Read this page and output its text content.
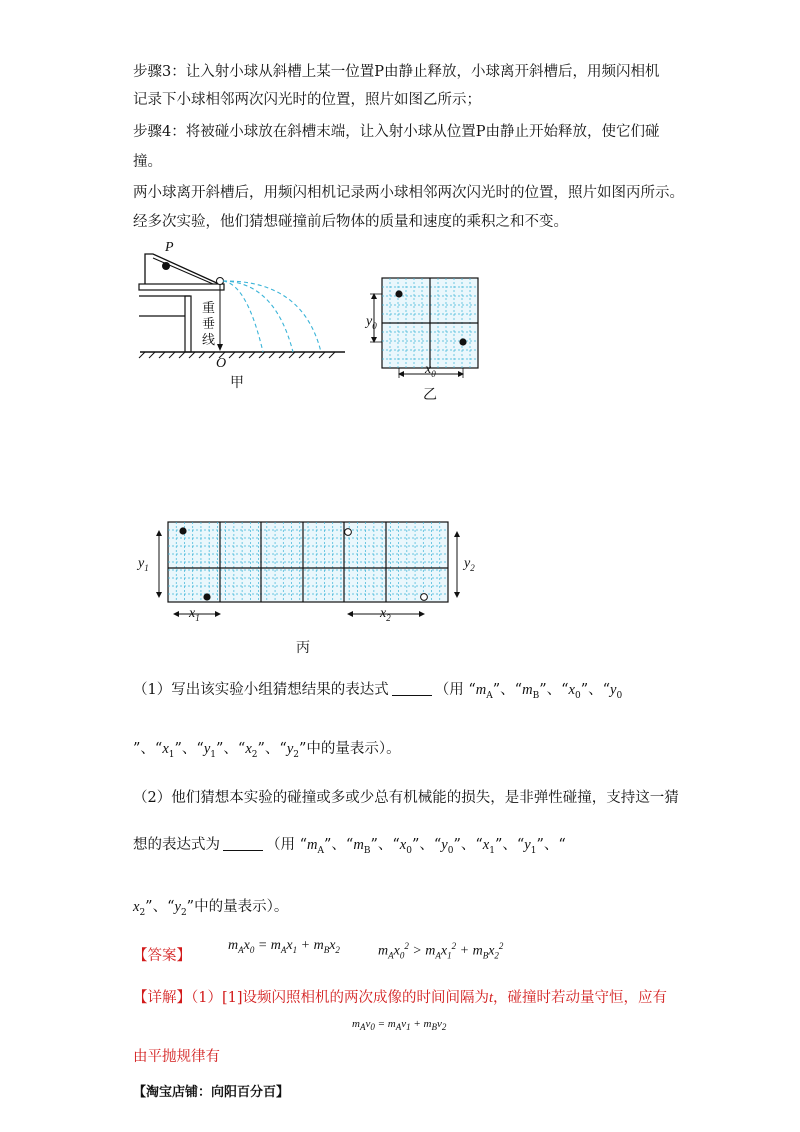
步骤3：让入射小球从斜槽上某一位置P由静止释放，小球离开斜槽后，用频闪相机
记录下小球相邻两次闪光时的位置，照片如图乙所示；
步骤4：将被碰小球放在斜槽末端，让入射小球从位置P由静止开始释放，使它们碰
撞。
两小球离开斜槽后，用频闪相机记录两小球相邻两次闪光时的位置，照片如图丙所示。
经多次实验，他们猜想碰撞前后物体的质量和速度的乘积之和不变。
P
重
垂
线
O
甲
$y_0$
$x_0$
乙
$y_1$	$y_2$
$x_1$	$x_2$
丙
（1）写出该实验小组猜想结果的表达式	（用 “$m_A$”、“$m_B$”、“$x_0$”、“$y_0$
”、“$x_1$”、“$y_1$”、“$x_2$”、“$y_2$”中的量表示）。
（2）他们猜想本实验的碰撞或多或少总有机械能的损失，是非弹性碰撞，支持这一猜
想的表达式为	（用 “$m_A$”、“$m_B$”、“$x_0$”、“$y_0$”、“$x_1$”、“$y_1$”、“
$x_2$”、“$y_2$”中的量表示）。
【答案】
$m_Ax_0 = m_Ax_1 + m_Bx_2$	$m_Ax_0^2 > m_Ax_1^2 + m_Bx_2^2$
【详解】（1）[1]设频闪照相机的两次成像的时间间隔为t，碰撞时若动量守恒，应有
$m_Av_0 = m_Av_1 + m_Bv_2$
由平抛规律有
【淘宝店铺：向阳百分百】
